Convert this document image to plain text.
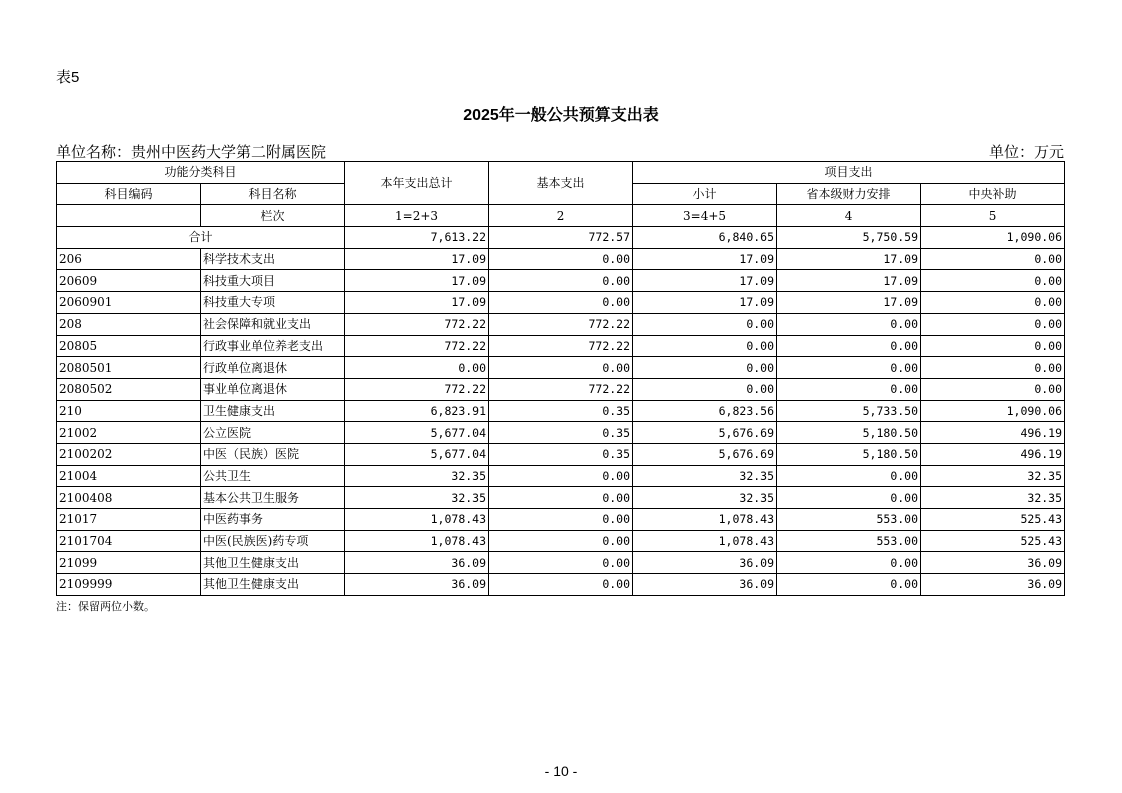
表5
2025年一般公共预算支出表
单位名称：贵州中医药大学第二附属医院	单位：万元
功能分类科目		本年支出总计	基本支出	项目支出		
科目编码	科目名称			小计	省本级财力安排	中央补助
	栏次	1=2+3	2	3=4+5	4	5
合计		7,613.22	772.57	6,840.65	5,750.59	1,090.06
206	科学技术支出	17.09	0.00	17.09	17.09	0.00
20609	科技重大项目	17.09	0.00	17.09	17.09	0.00
2060901	科技重大专项	17.09	0.00	17.09	17.09	0.00
208	社会保障和就业支出	772.22	772.22	0.00	0.00	0.00
20805	行政事业单位养老支出	772.22	772.22	0.00	0.00	0.00
2080501	行政单位离退休	0.00	0.00	0.00	0.00	0.00
2080502	事业单位离退休	772.22	772.22	0.00	0.00	0.00
210	卫生健康支出	6,823.91	0.35	6,823.56	5,733.50	1,090.06
21002	公立医院	5,677.04	0.35	5,676.69	5,180.50	496.19
2100202	中医（民族）医院	5,677.04	0.35	5,676.69	5,180.50	496.19
21004	公共卫生	32.35	0.00	32.35	0.00	32.35
2100408	基本公共卫生服务	32.35	0.00	32.35	0.00	32.35
21017	中医药事务	1,078.43	0.00	1,078.43	553.00	525.43
2101704	中医(民族医)药专项	1,078.43	0.00	1,078.43	553.00	525.43
21099	其他卫生健康支出	36.09	0.00	36.09	0.00	36.09
2109999	其他卫生健康支出	36.09	0.00	36.09	0.00	36.09
注：保留两位小数。
- 10 -
